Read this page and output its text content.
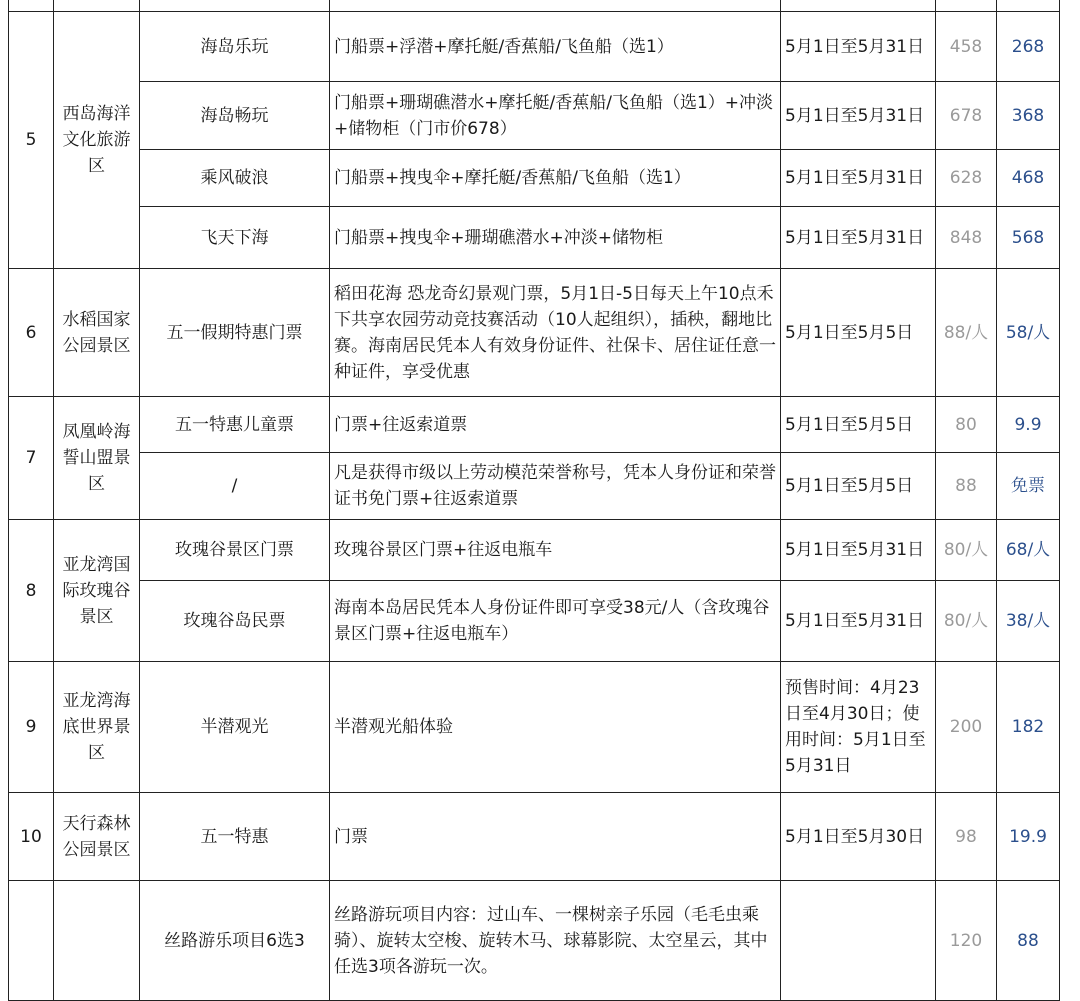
5	西岛海洋文化旅游区	海岛乐玩	门船票+浮潜+摩托艇/香蕉船/飞鱼船（选1）	5月1日至5月31日	458	268
		海岛畅玩	门船票+珊瑚礁潜水+摩托艇/香蕉船/飞鱼船（选1）+冲淡+储物柜（门市价678）	5月1日至5月31日	678	368
		乘风破浪	门船票+拽曳伞+摩托艇/香蕉船/飞鱼船（选1）	5月1日至5月31日	628	468
		飞天下海	门船票+拽曳伞+珊瑚礁潜水+冲淡+储物柜	5月1日至5月31日	848	568
6	水稻国家公园景区	五一假期特惠门票	稻田花海 恐龙奇幻景观门票，5月1日-5日每天上午10点禾下共享农园劳动竞技赛活动（10人起组织），插秧，翻地比赛。海南居民凭本人有效身份证件、社保卡、居住证任意一种证件，享受优惠	5月1日至5月5日	88/人	58/人
7	凤凰岭海誓山盟景区	五一特惠儿童票	门票+往返索道票	5月1日至5月5日	80	9.9
		/	凡是获得市级以上劳动模范荣誉称号，凭本人身份证和荣誉证书免门票+往返索道票	5月1日至5月5日	88	免票
8	亚龙湾国际玫瑰谷景区	玫瑰谷景区门票	玫瑰谷景区门票+往返电瓶车	5月1日至5月31日	80/人	68/人
		玫瑰谷岛民票	海南本岛居民凭本人身份证件即可享受38元/人（含玫瑰谷景区门票+往返电瓶车）	5月1日至5月31日	80/人	38/人
9	亚龙湾海底世界景区	半潜观光	半潜观光船体验	预售时间：4月23日至4月30日；使用时间：5月1日至5月31日	200	182
10	天行森林公园景区	五一特惠	门票	5月1日至5月30日	98	19.9
		丝路游乐项目6选3	丝路游玩项目内容：过山车、一棵树亲子乐园（毛毛虫乘骑）、旋转太空梭、旋转木马、球幕影院、太空星云，其中任选3项各游玩一次。		120	88
